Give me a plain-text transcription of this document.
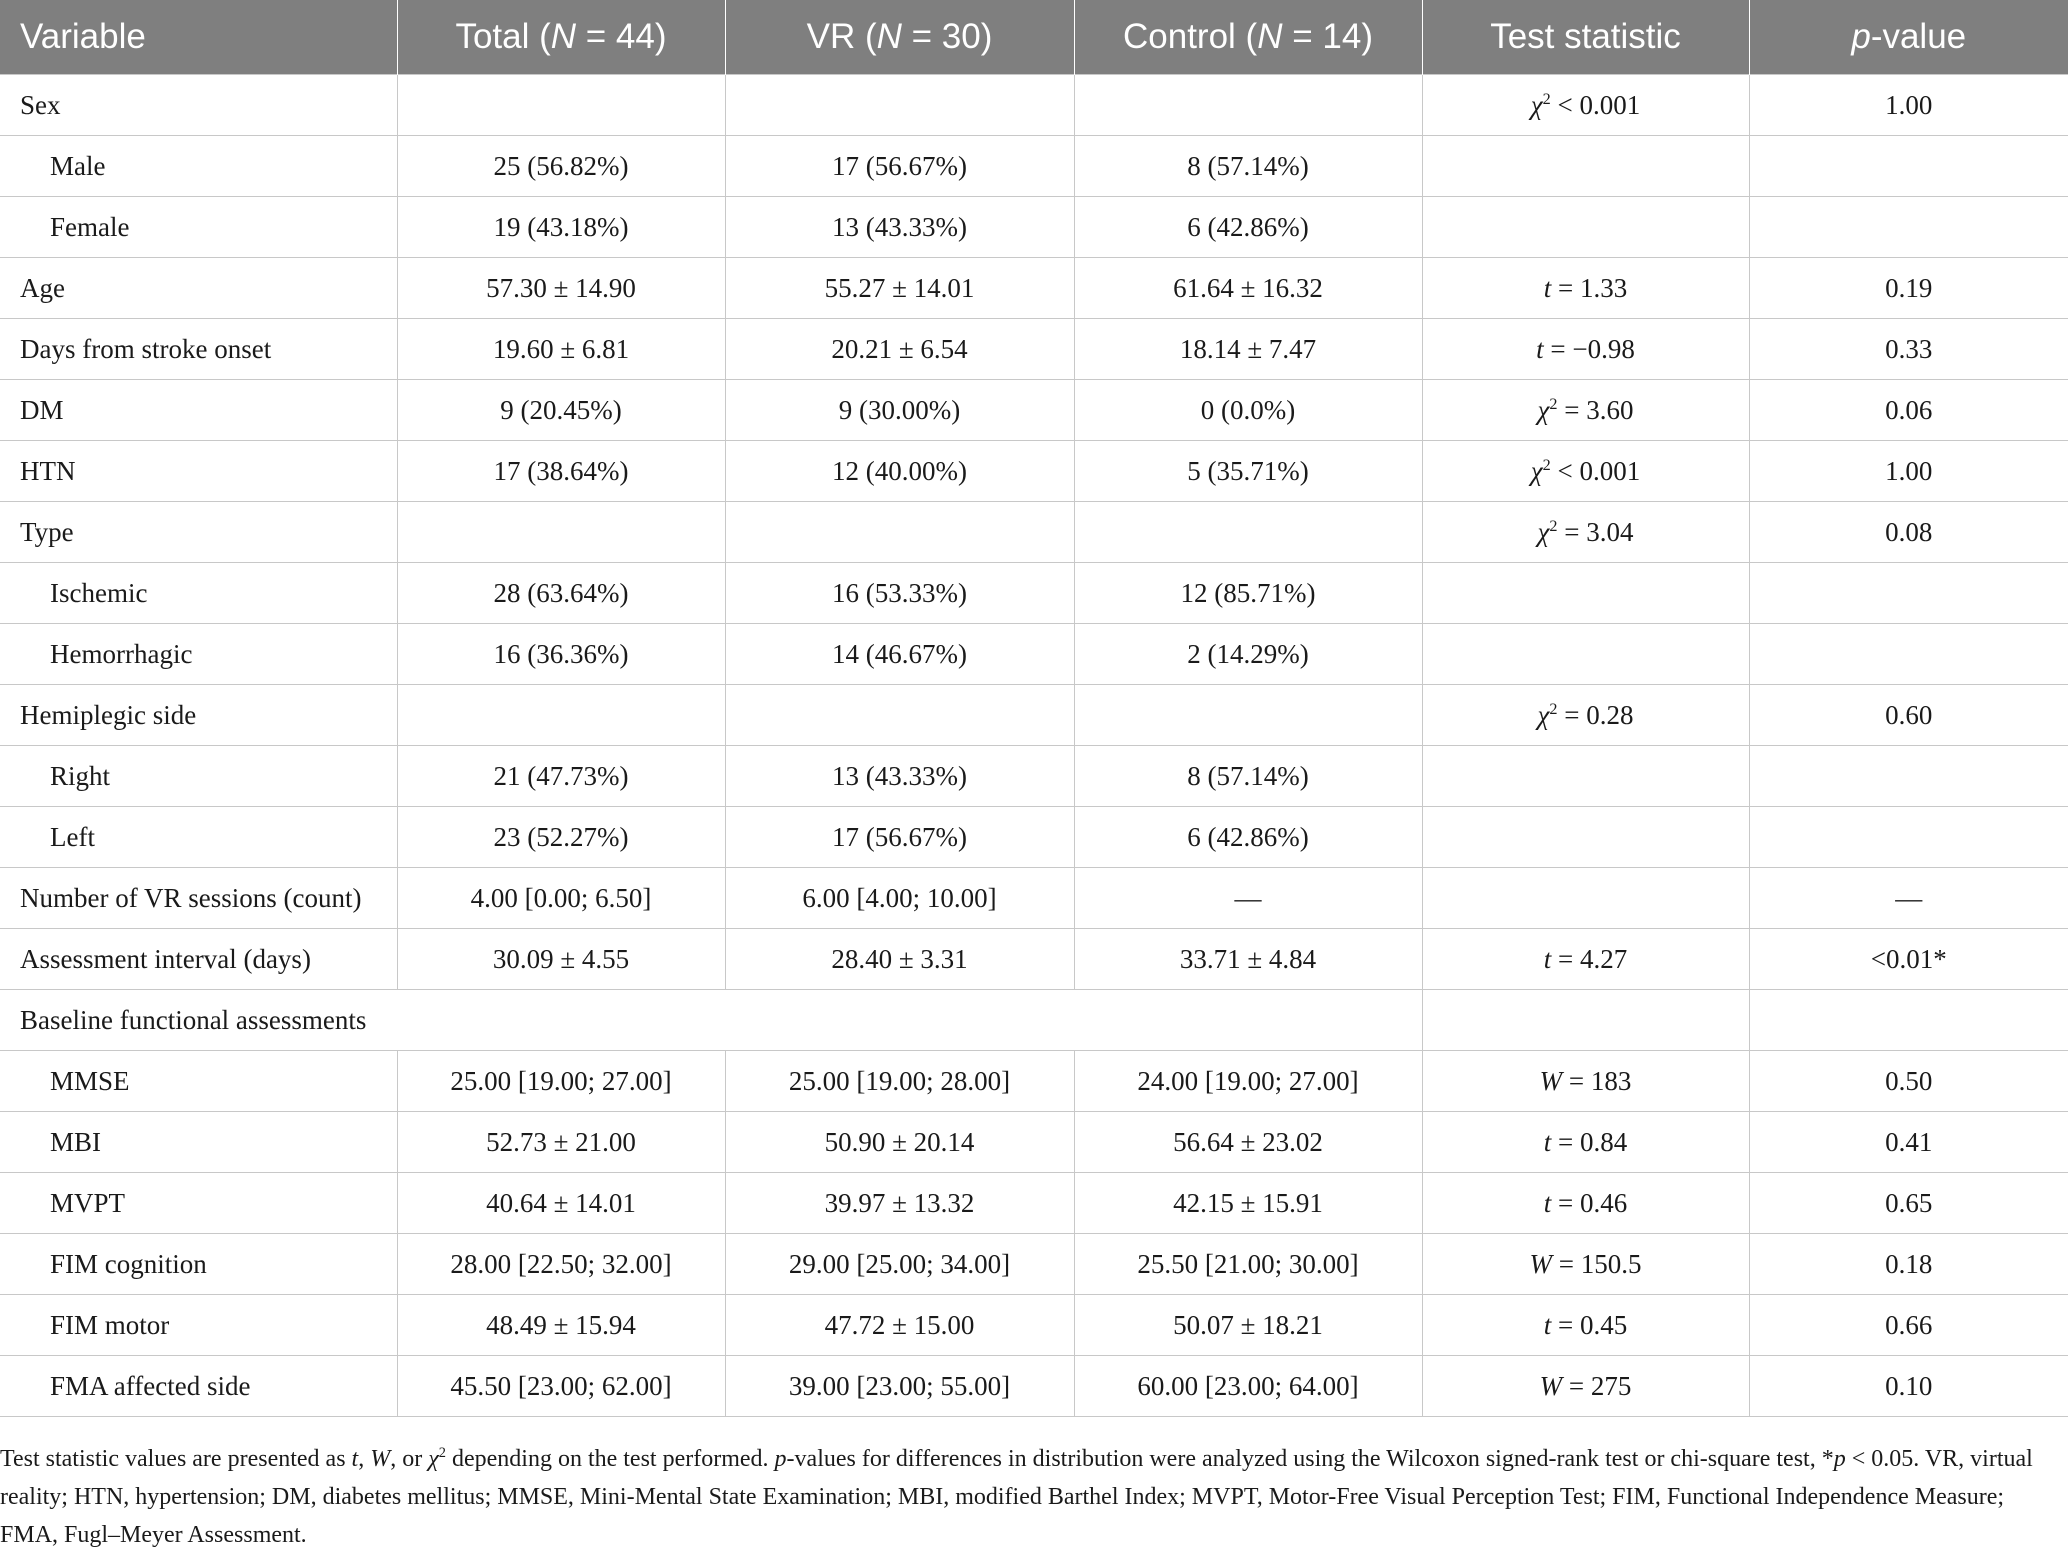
Variable	Total (N = 44)	VR (N = 30)	Control (N = 14)	Test statistic	p-value
Sex				$\chi^2 < 0.001$	1.00
Male	25 (56.82%)	17 (56.67%)	8 (57.14%)		
Female	19 (43.18%)	13 (43.33%)	6 (42.86%)		
Age	57.30 ± 14.90	55.27 ± 14.01	61.64 ± 16.32	t = 1.33	0.19
Days from stroke onset	19.60 ± 6.81	20.21 ± 6.54	18.14 ± 7.47	t = −0.98	0.33
DM	9 (20.45%)	9 (30.00%)	0 (0.0%)	$\chi^2 = 3.60$	0.06
HTN	17 (38.64%)	12 (40.00%)	5 (35.71%)	$\chi^2 < 0.001$	1.00
Type				$\chi^2 = 3.04$	0.08
Ischemic	28 (63.64%)	16 (53.33%)	12 (85.71%)		
Hemorrhagic	16 (36.36%)	14 (46.67%)	2 (14.29%)		
Hemiplegic side				$\chi^2 = 0.28$	0.60
Right	21 (47.73%)	13 (43.33%)	8 (57.14%)		
Left	23 (52.27%)	17 (56.67%)	6 (42.86%)		
Number of VR sessions (count)	4.00 [0.00; 6.50]	6.00 [4.00; 10.00]	—		—
Assessment interval (days)	30.09 ± 4.55	28.40 ± 3.31	33.71 ± 4.84	t = 4.27	<0.01*
Baseline functional assessments					
MMSE	25.00 [19.00; 27.00]	25.00 [19.00; 28.00]	24.00 [19.00; 27.00]	W = 183	0.50
MBI	52.73 ± 21.00	50.90 ± 20.14	56.64 ± 23.02	t = 0.84	0.41
MVPT	40.64 ± 14.01	39.97 ± 13.32	42.15 ± 15.91	t = 0.46	0.65
FIM cognition	28.00 [22.50; 32.00]	29.00 [25.00; 34.00]	25.50 [21.00; 30.00]	W = 150.5	0.18
FIM motor	48.49 ± 15.94	47.72 ± 15.00	50.07 ± 18.21	t = 0.45	0.66
FMA affected side	45.50 [23.00; 62.00]	39.00 [23.00; 55.00]	60.00 [23.00; 64.00]	W = 275	0.10
Test statistic values are presented as t, W, or $\chi^2$ depending on the test performed. p-values for differences in distribution were analyzed using the Wilcoxon signed-rank test or chi-square test, *p < 0.05. VR, virtual reality; HTN, hypertension; DM, diabetes mellitus; MMSE, Mini-Mental State Examination; MBI, modified Barthel Index; MVPT, Motor-Free Visual Perception Test; FIM, Functional Independence Measure; FMA, Fugl–Meyer Assessment.
